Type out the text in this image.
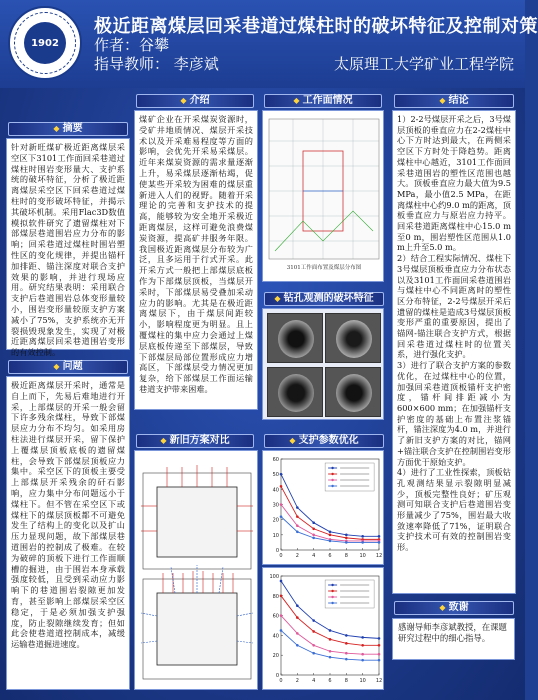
1902
极近距离煤层回采巷道过煤柱时的破坏特征及控制对策
作者：谷攀
指导教师： 李彦斌	太原理工大学矿业工程学院
◆ 摘要
针对新旺煤矿极近距离煤层采空区下3101工作面回采巷道过煤柱时围岩变形量大、支护系统的破坏特征，分析了极近距离煤层采空区下回采巷道过煤柱时的变形破坏特征，并揭示其破坏机制。采用Flac3D数值模拟软件研究了遗留煤柱对下部煤层巷道围岩应力分布的影响；回采巷道过煤柱时围岩塑性区的变化规律，并提出锚杆加排距、锚注深度对联合支护效果的影响，并进行现场应用。研究结果表明：采用联合支护后巷道围岩总体变形量较小，围岩变形量较原支护方案减小了75%，支护系统亦无开裂损毁现象发生，实现了对极近距离煤层回采巷道围岩变形的有效控制。
◆ 问题
极近距离煤层开采时，通常是自上而下，先易后难地进行开采，上部煤层的开采一般会留下许多残余煤柱，导致下部煤层应力分布不均匀。如采用房柱法进行煤层开采，留下保护上覆煤层顶板底板的遗留煤柱，会导致下部煤层顶板应力集中。采空区下的顶板主要受上部煤层开采残余的矸石影响，应力集中分布问题远小于煤柱下。但不管在采空区下或煤柱下的煤层顶板都不可避免发生了结构上的变化以及扩山压力显现问题，故下部煤层巷道围岩的控制成了极难。在较为破碎的顶板下进行工作面顺槽的掘进，由于围岩本身承载强度较低，且受到采动应力影响下的巷道围岩裂隙更加发育，甚至影响上部煤层采空区稳定，于是必须加强支护强度，防止裂隙继续发育；但如此会使巷道道控制成本，减缓运输巷道掘进速度。
◆ 介绍
煤矿企业在开采煤炭资源时，受矿井地质情况、煤层开采技术以及开采难易程度等方面的影响，会优先开采易采煤层。近年来煤炭资源的需求量逐渐上升，易采煤层逐渐枯竭，促使某些开采较为困难的煤层重新进入人们的视野。随着开采理论的完善和支护技术的提高，能够较为安全地开采极近距离煤层，这样可避免浪费煤炭资源，提高矿井服务年限。我国极近距离煤层分布较为广泛，且多运用于行式开采。此开采方式一般把上部煤层底板作为下部煤层顶板，当煤层开采时，下部煤层易受叠加采动应力的影响。尤其是在极近距离煤层下，由于煤层间距较小，影响程度更为明显。且上覆煤柱的集中应力会通过上煤层底板传递至下部煤层，导致下部煤层局部位置形成应力增高区，下部煤层受力情况更加复杂，给下部煤层工作面运输巷道支护带来困难。
◆ 工作面情况
3101工作面布置及煤层分布图
◆ 钻孔观测的破坏特征
◆ 新旧方案对比	◆ 支护参数优化
0
10
20
30
40
50
60
0	2	4	6	8 10 12
0
20
40
60
80
100
0	2	4	6	8 10 12
◆ 结论
1）2-2号煤层开采之后，3号煤层顶板的垂直应力在2-2煤柱中心下方时达到最大，在两侧采空区下方时处于降趋势。距离煤柱中心越近，3101工作面回采巷道围岩的塑性区范围也越大。顶板垂直应力最大值为9.5 MPa，最小值2.5 MPa，在距离煤柱中心约9.0 m的距离，顶板垂直应力与原岩应力持平。回采巷道距离煤柱中心15.0 m至0 m，围岩塑性区范围从1.0 m上升至5.0 m。
2）结合工程实际情况、煤柱下3号煤层顶板垂直应力分布状态以及3101工作面回采巷道围岩与煤柱中心不同距离时的塑性区分布特征，2-2号煤层开采后遗留的煤柱是造成3号煤层顶板变形严重的重要原因，提出了锚网-锚注联合支护方式，根据回采巷道过煤柱时的位置关系，进行强化支护。
3）进行了联合支护方案的参数优化，在过煤柱中心的位置，加强回采巷道顶板锚杆支护密度，锚杆间排距减小为600×600 mm；在加强锚杆支护密度的基础上布置注浆锚杆，锚注深度为4.0 m，并进行了新旧支护方案的对比，锚网+锚注联合支护在控制围岩变形方面优于原始支护。
4）进行了工业性探索，顶板钻孔观测结果显示裂隙明显减少，顶板完整性良好；矿压观测可知联合支护后巷道围岩变形量减少了75%，围岩最大收敛速率降低了71%，证明联合支护技术可有效的控制围岩变形。
◆ 致谢
感谢导师李彦斌教授，在课题研究过程中的细心指导。
